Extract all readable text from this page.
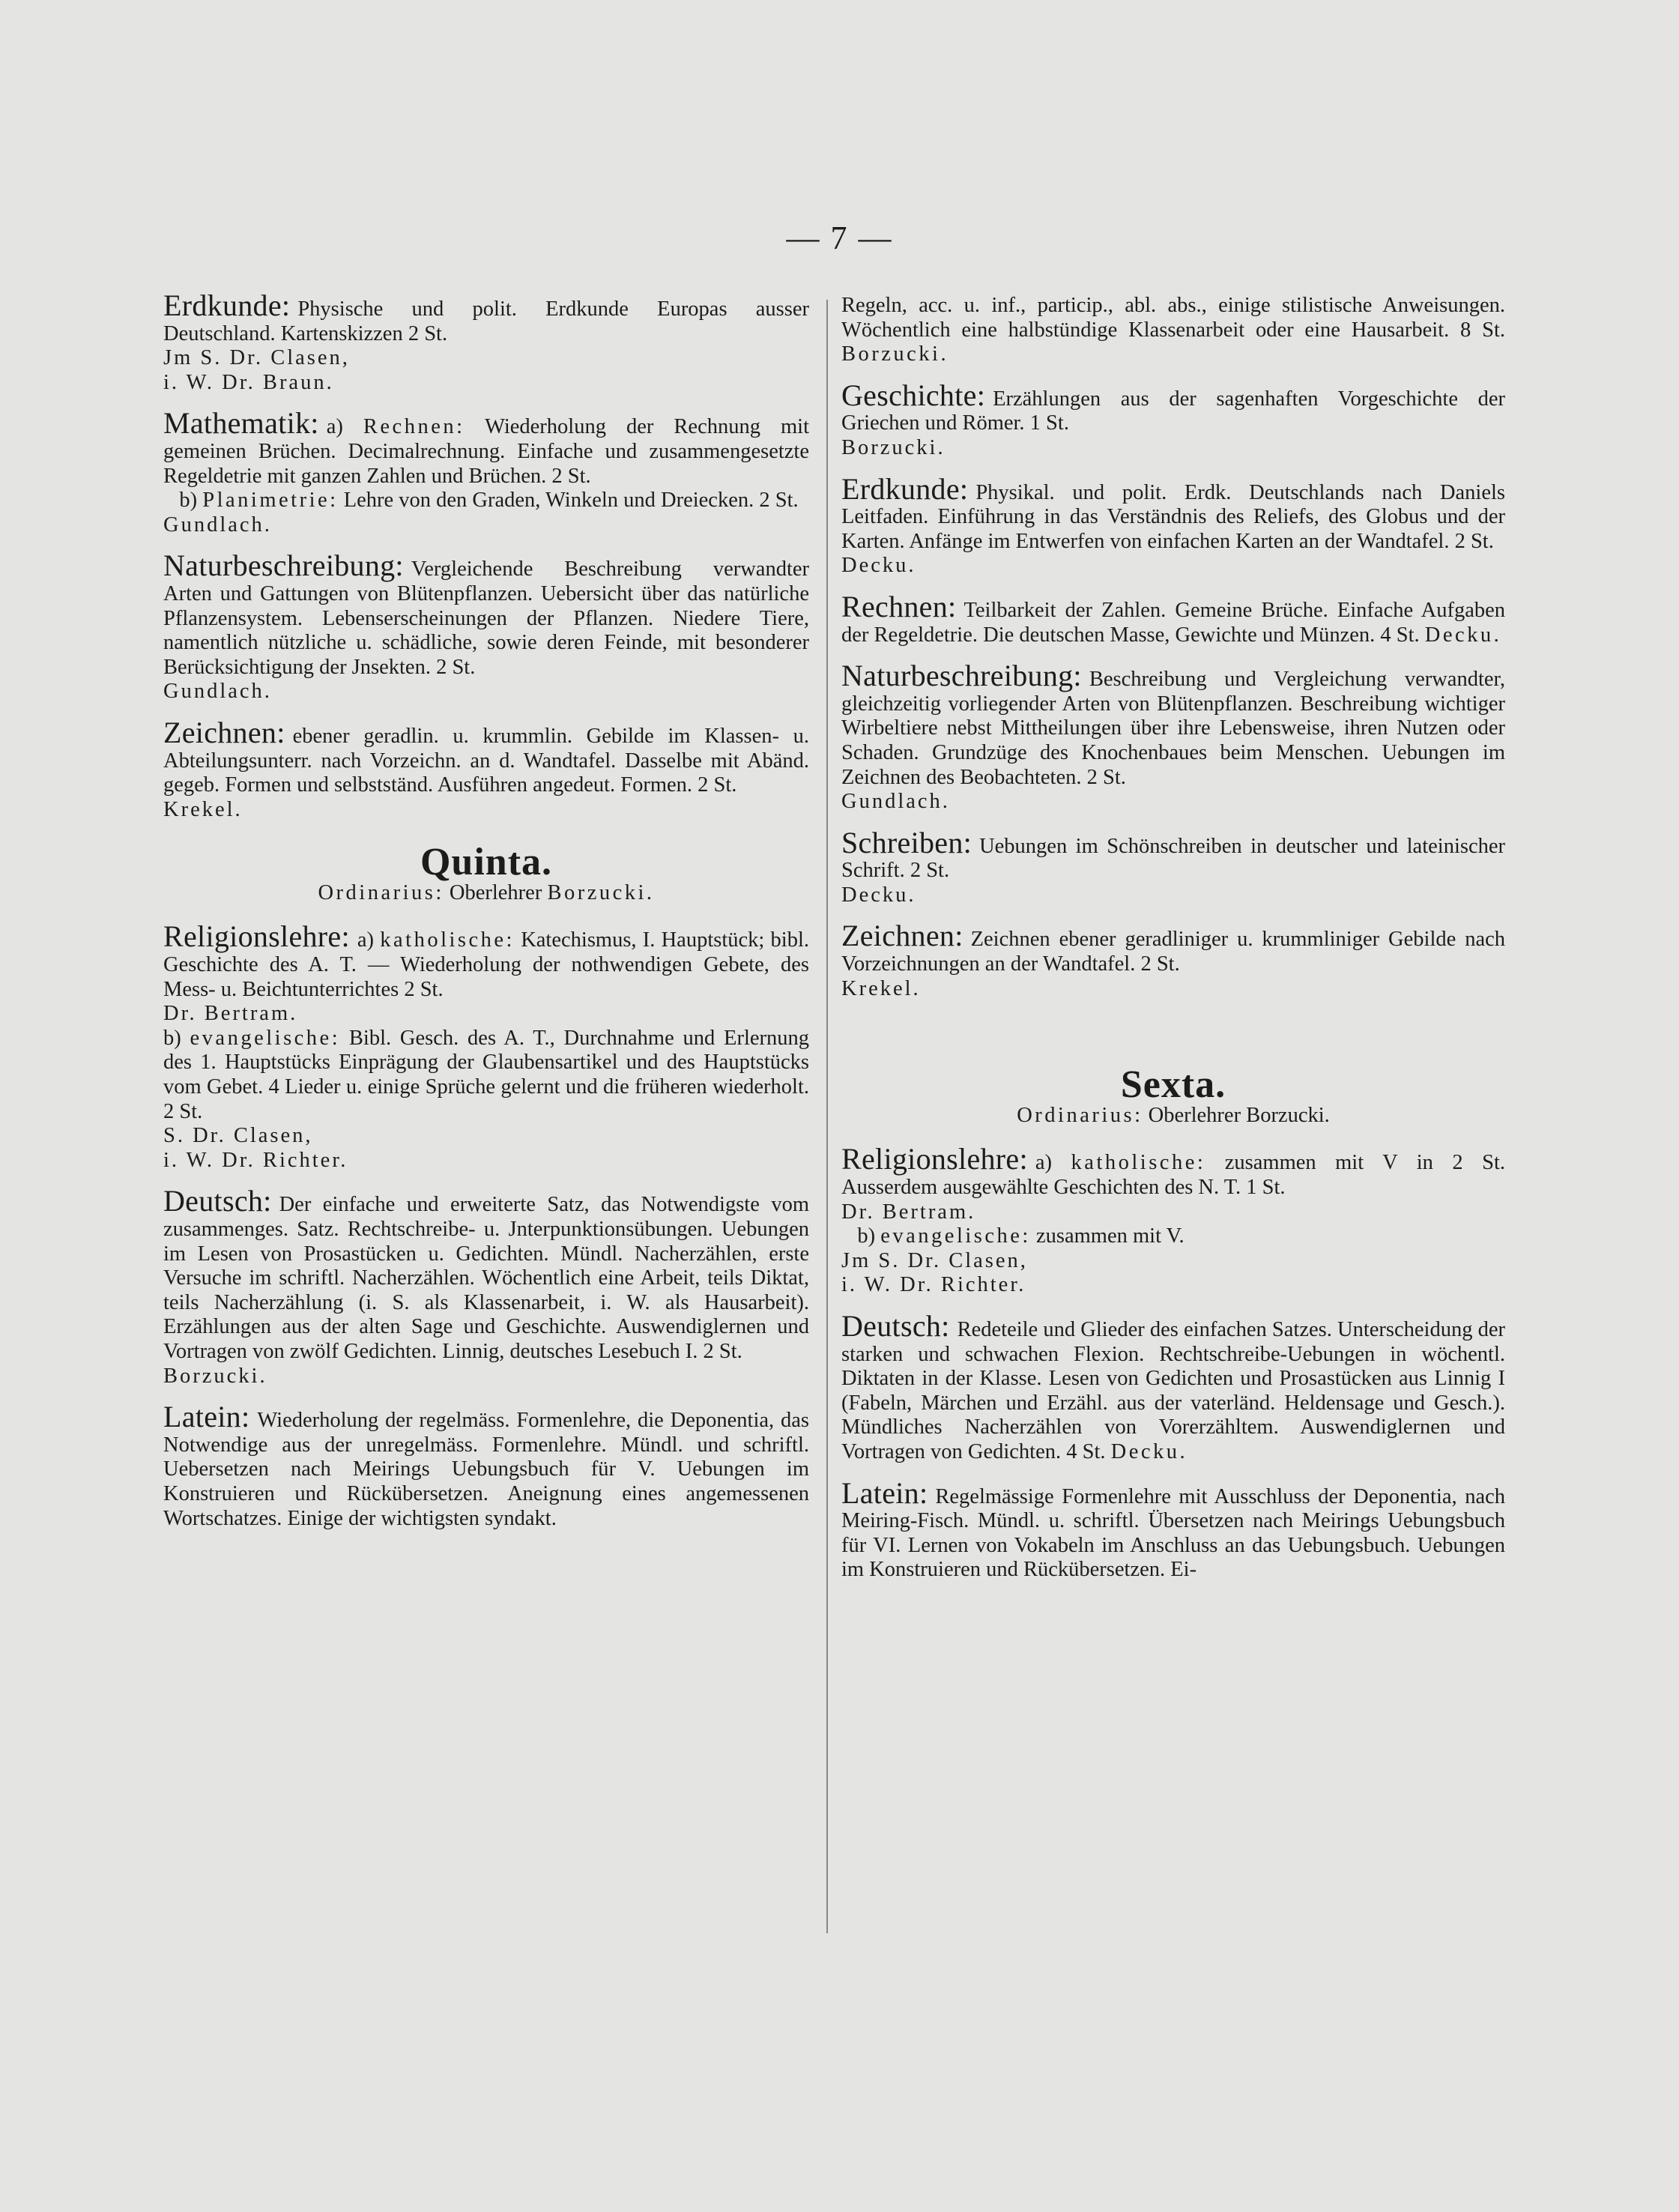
— 7 —

Erdkunde: Physische und polit. Erdkunde Europas ausser Deutschland. Kartenskizzen 2 St.

Jm S. Dr. Clasen,

i. W. Dr. Braun.

Mathematik: a) Rechnen: Wiederholung der Rechnung mit gemeinen Brüchen. Decimalrechnung. Einfache und zusammengesetzte Regeldetrie mit ganzen Zahlen und Brüchen. 2 St.

b) Planimetrie: Lehre von den Graden, Winkeln und Dreiecken. 2 St.

Gundlach.

Naturbeschreibung: Vergleichende Beschreibung verwandter Arten und Gattungen von Blütenpflanzen. Uebersicht über das natürliche Pflanzensystem. Lebenserscheinungen der Pflanzen. Niedere Tiere, namentlich nützliche u. schädliche, sowie deren Feinde, mit besonderer Berücksichtigung der Jnsekten. 2 St.

Gundlach.

Zeichnen: ebener geradlin. u. krummlin. Gebilde im Klassen- u. Abteilungsunterr. nach Vorzeichn. an d. Wandtafel. Dasselbe mit Abänd. gegeb. Formen und selbstständ. Ausführen angedeut. Formen. 2 St.

Krekel.

Quinta.
Ordinarius: Oberlehrer Borzucki.

Religionslehre: a) katholische: Katechismus, I. Hauptstück; bibl. Geschichte des A. T. — Wiederholung der nothwendigen Gebete, des Mess- u. Beichtunterrichtes 2 St.

Dr. Bertram.

b) evangelische: Bibl. Gesch. des A. T., Durchnahme und Erlernung des 1. Hauptstücks Einprägung der Glaubensartikel und des Hauptstücks vom Gebet. 4 Lieder u. einige Sprüche gelernt und die früheren wiederholt. 2 St.

S. Dr. Clasen,

i. W. Dr. Richter.

Deutsch: Der einfache und erweiterte Satz, das Notwendigste vom zusammenges. Satz. Rechtschreibe- u. Jnterpunktionsübungen. Uebungen im Lesen von Prosastücken u. Gedichten. Mündl. Nacherzählen, erste Versuche im schriftl. Nacherzählen. Wöchentlich eine Arbeit, teils Diktat, teils Nacherzählung (i. S. als Klassenarbeit, i. W. als Hausarbeit). Erzählungen aus der alten Sage und Geschichte. Auswendiglernen und Vortragen von zwölf Gedichten. Linnig, deutsches Lesebuch I. 2 St.

Borzucki.

Latein: Wiederholung der regelmäss. Formenlehre, die Deponentia, das Notwendige aus der unregelmäss. Formenlehre. Mündl. und schriftl. Uebersetzen nach Meirings Uebungsbuch für V. Uebungen im Konstruieren und Rückübersetzen. Aneignung eines angemessenen Wortschatzes. Einige der wichtigsten syndakt.

Regeln, acc. u. inf., particip., abl. abs., einige stilistische Anweisungen. Wöchentlich eine halbstündige Klassenarbeit oder eine Hausarbeit. 8 St. Borzucki.

Geschichte: Erzählungen aus der sagenhaften Vorgeschichte der Griechen und Römer. 1 St.

Borzucki.

Erdkunde: Physikal. und polit. Erdk. Deutschlands nach Daniels Leitfaden. Einführung in das Verständnis des Reliefs, des Globus und der Karten. Anfänge im Entwerfen von einfachen Karten an der Wandtafel. 2 St.

Decku.

Rechnen: Teilbarkeit der Zahlen. Gemeine Brüche. Einfache Aufgaben der Regeldetrie. Die deutschen Masse, Gewichte und Münzen. 4 St. Decku.

Naturbeschreibung: Beschreibung und Vergleichung verwandter, gleichzeitig vorliegender Arten von Blütenpflanzen. Beschreibung wichtiger Wirbeltiere nebst Mittheilungen über ihre Lebensweise, ihren Nutzen oder Schaden. Grundzüge des Knochenbaues beim Menschen. Uebungen im Zeichnen des Beobachteten. 2 St.

Gundlach.

Schreiben: Uebungen im Schönschreiben in deutscher und lateinischer Schrift. 2 St.

Decku.

Zeichnen: Zeichnen ebener geradliniger u. krummliniger Gebilde nach Vorzeichnungen an der Wandtafel. 2 St.

Krekel.

Sexta.
Ordinarius: Oberlehrer Borzucki.

Religionslehre: a) katholische: zusammen mit V in 2 St. Ausserdem ausgewählte Geschichten des N. T. 1 St.

Dr. Bertram.

b) evangelische: zusammen mit V.

Jm S. Dr. Clasen,

i. W. Dr. Richter.

Deutsch: Redeteile und Glieder des einfachen Satzes. Unterscheidung der starken und schwachen Flexion. Rechtschreibe-Uebungen in wöchentl. Diktaten in der Klasse. Lesen von Gedichten und Prosastücken aus Linnig I (Fabeln, Märchen und Erzähl. aus der vaterländ. Heldensage und Gesch.). Mündliches Nacherzählen von Vorerzähltem. Auswendiglernen und Vortragen von Gedichten. 4 St. Decku.

Latein: Regelmässige Formenlehre mit Ausschluss der Deponentia, nach Meiring-Fisch. Mündl. u. schriftl. Übersetzen nach Meirings Uebungsbuch für VI. Lernen von Vokabeln im Anschluss an das Uebungsbuch. Uebungen im Konstruieren und Rückübersetzen. Ei-
